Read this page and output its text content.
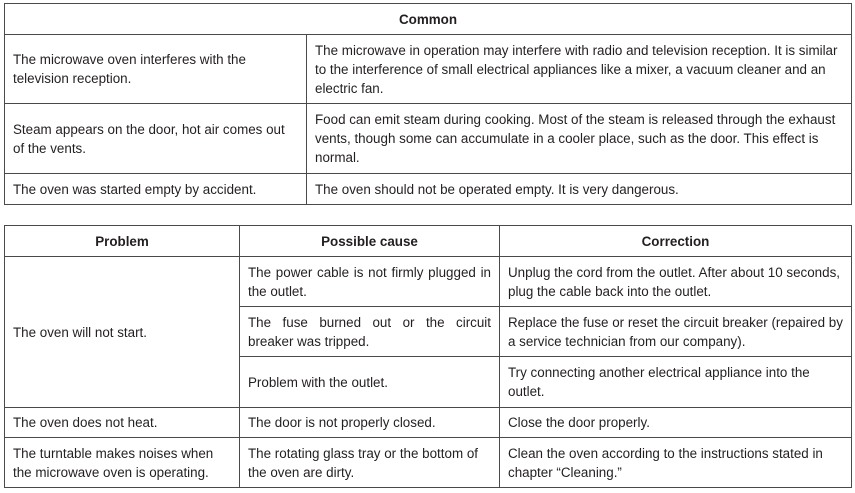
Common	
The microwave oven interferes with the television reception.	The microwave in operation may interfere with radio and television reception. It is similar to the interference of small electrical appliances like a mixer, a vacuum cleaner and an electric fan.
Steam appears on the door, hot air comes out of the vents.	Food can emit steam during cooking. Most of the steam is released through the exhaust vents, though some can accumulate in a cooler place, such as the door. This effect is normal.
The oven was started empty by accident.	The oven should not be operated empty. It is very dangerous.
Problem	Possible cause	Correction
The oven will not start.	The power cable is not firmly plugged in the outlet.	Unplug the cord from the outlet. After about 10 seconds, plug the cable back into the outlet.
	The fuse burned out or the circuit breaker was tripped.	Replace the fuse or reset the circuit breaker (repaired by a service technician from our company).
	Problem with the outlet.	Try connecting another electrical appliance into the outlet.
The oven does not heat.	The door is not properly closed.	Close the door properly.
The turntable makes noises when the microwave oven is operating.	The rotating glass tray or the bottom of the oven are dirty.	Clean the oven according to the instructions stated in chapter “Cleaning.”
